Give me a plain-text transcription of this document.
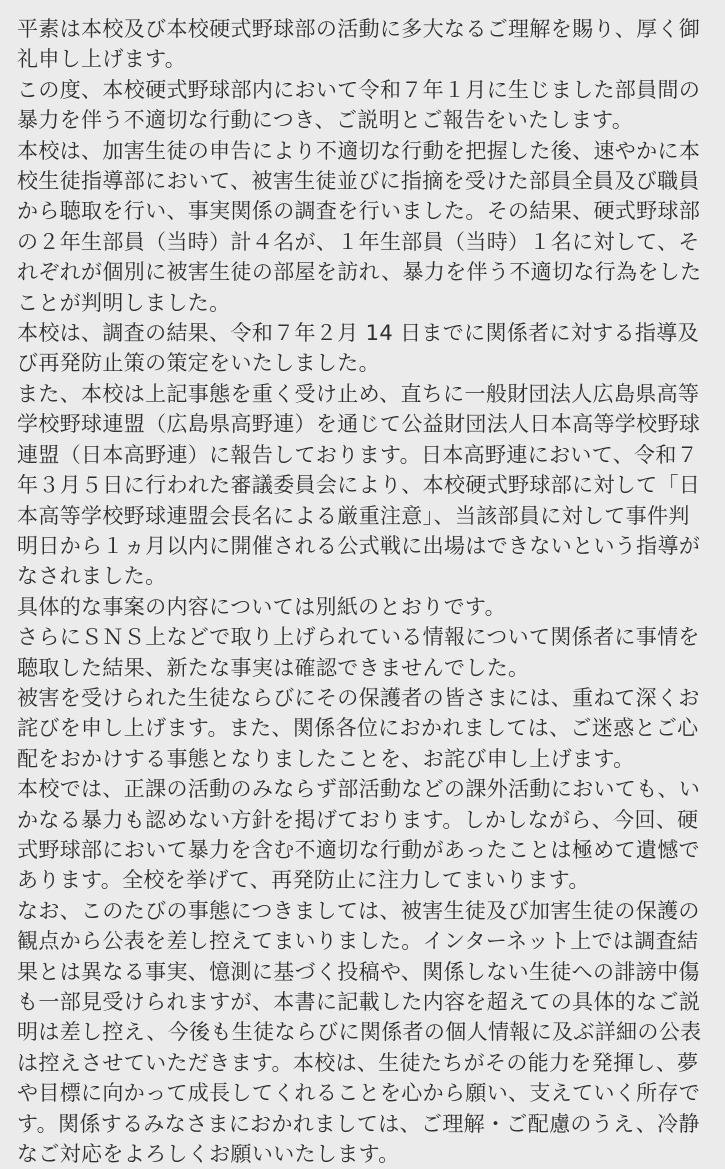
平素は本校及び本校硬式野球部の活動に多大なるご理解を賜り、厚く御礼申し上げます。

この度、本校硬式野球部内において令和７年１月に生じました部員間の暴力を伴う不適切な行動につき、ご説明とご報告をいたします。

本校は、加害生徒の申告により不適切な行動を把握した後、速やかに本校生徒指導部において、被害生徒並びに指摘を受けた部員全員及び職員から聴取を行い、事実関係の調査を行いました。その結果、硬式野球部の２年生部員（当時）計４名が、１年生部員（当時）１名に対して、それぞれが個別に被害生徒の部屋を訪れ、暴力を伴う不適切な行為をしたことが判明しました。

本校は、調査の結果、令和７年２月 14 日までに関係者に対する指導及び再発防止策の策定をいたしました。

また、本校は上記事態を重く受け止め、直ちに一般財団法人広島県高等学校野球連盟（広島県高野連）を通じて公益財団法人日本高等学校野球連盟（日本高野連）に報告しております。日本高野連において、令和７年３月５日に行われた審議委員会により、本校硬式野球部に対して「日本高等学校野球連盟会長名による厳重注意」、当該部員に対して事件判明日から１ヵ月以内に開催される公式戦に出場はできないという指導がなされました。

具体的な事案の内容については別紙のとおりです。

さらにＳＮＳ上などで取り上げられている情報について関係者に事情を聴取した結果、新たな事実は確認できませんでした。

被害を受けられた生徒ならびにその保護者の皆さまには、重ねて深くお詫びを申し上げます。また、関係各位におかれましては、ご迷惑とご心配をおかけする事態となりましたことを、お詫び申し上げます。

本校では、正課の活動のみならず部活動などの課外活動においても、いかなる暴力も認めない方針を掲げております。しかしながら、今回、硬式野球部において暴力を含む不適切な行動があったことは極めて遺憾であります。全校を挙げて、再発防止に注力してまいります。

なお、このたびの事態につきましては、被害生徒及び加害生徒の保護の観点から公表を差し控えてまいりました。インターネット上では調査結果とは異なる事実、憶測に基づく投稿や、関係しない生徒への誹謗中傷も一部見受けられますが、本書に記載した内容を超えての具体的なご説明は差し控え、今後も生徒ならびに関係者の個人情報に及ぶ詳細の公表は控えさせていただきます。本校は、生徒たちがその能力を発揮し、夢や目標に向かって成長してくれることを心から願い、支えていく所存です。関係するみなさまにおかれましては、ご理解・ご配慮のうえ、冷静なご対応をよろしくお願いいたします。
